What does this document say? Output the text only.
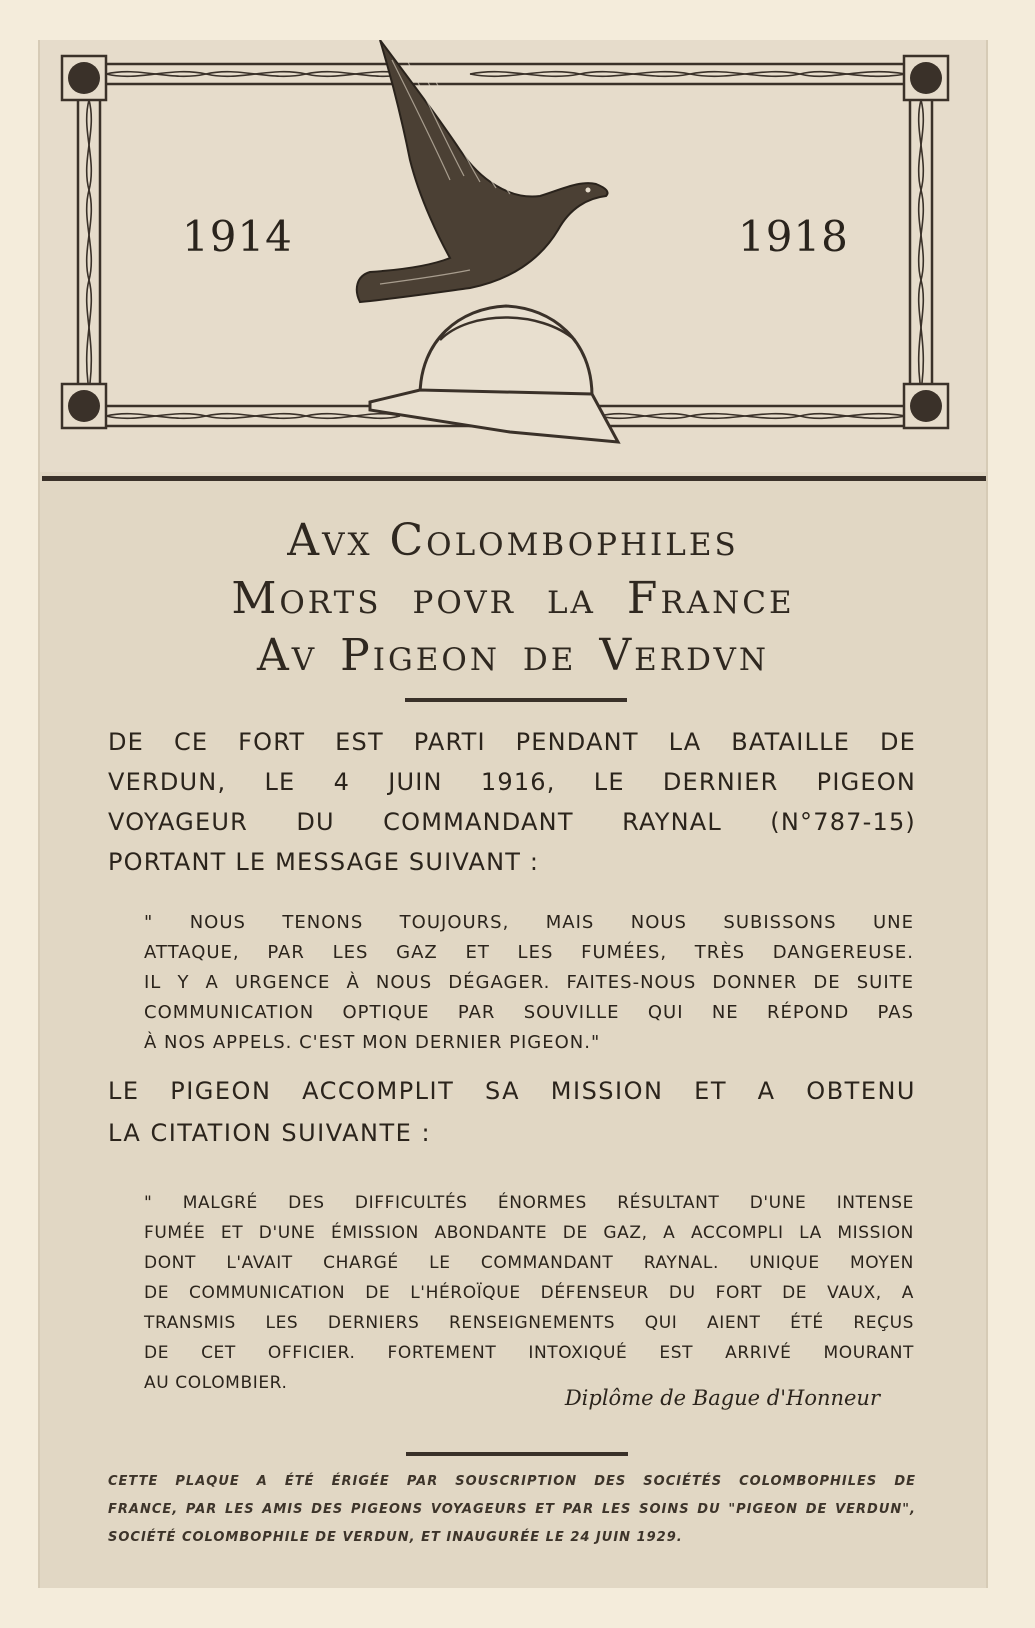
1914	1918
Avx Colombophiles
Morts povr la France
Av Pigeon de Verdvn
DE CE FORT EST PARTI PENDANT LA BATAILLE DE
VERDUN, LE 4 JUIN 1916, LE DERNIER PIGEON
VOYAGEUR DU COMMANDANT RAYNAL (N°787-15)
PORTANT LE MESSAGE SUIVANT :
" NOUS TENONS TOUJOURS, MAIS NOUS SUBISSONS UNE
ATTAQUE, PAR LES GAZ ET LES FUMÉES, TRÈS DANGEREUSE.
IL Y A URGENCE À NOUS DÉGAGER. FAITES-NOUS DONNER DE SUITE
COMMUNICATION OPTIQUE PAR SOUVILLE QUI NE RÉPOND PAS
À NOS APPELS. C'EST MON DERNIER PIGEON."
LE PIGEON ACCOMPLIT SA MISSION ET A OBTENU
LA CITATION SUIVANTE :
" MALGRÉ DES DIFFICULTÉS ÉNORMES RÉSULTANT D'UNE INTENSE
FUMÉE ET D'UNE ÉMISSION ABONDANTE DE GAZ, A ACCOMPLI LA MISSION
DONT L'AVAIT CHARGÉ LE COMMANDANT RAYNAL. UNIQUE MOYEN
DE COMMUNICATION DE L'HÉROÏQUE DÉFENSEUR DU FORT DE VAUX, A
TRANSMIS LES DERNIERS RENSEIGNEMENTS QUI AIENT ÉTÉ REÇUS
DE CET OFFICIER. FORTEMENT INTOXIQUÉ EST ARRIVÉ MOURANT
AU COLOMBIER.
Diplôme de Bague d'Honneur
CETTE PLAQUE A ÉTÉ ÉRIGÉE PAR SOUSCRIPTION DES SOCIÉTÉS COLOMBOPHILES DE
FRANCE, PAR LES AMIS DES PIGEONS VOYAGEURS ET PAR LES SOINS DU "PIGEON DE VERDUN",
SOCIÉTÉ COLOMBOPHILE DE VERDUN, ET INAUGURÉE LE 24 JUIN 1929.
